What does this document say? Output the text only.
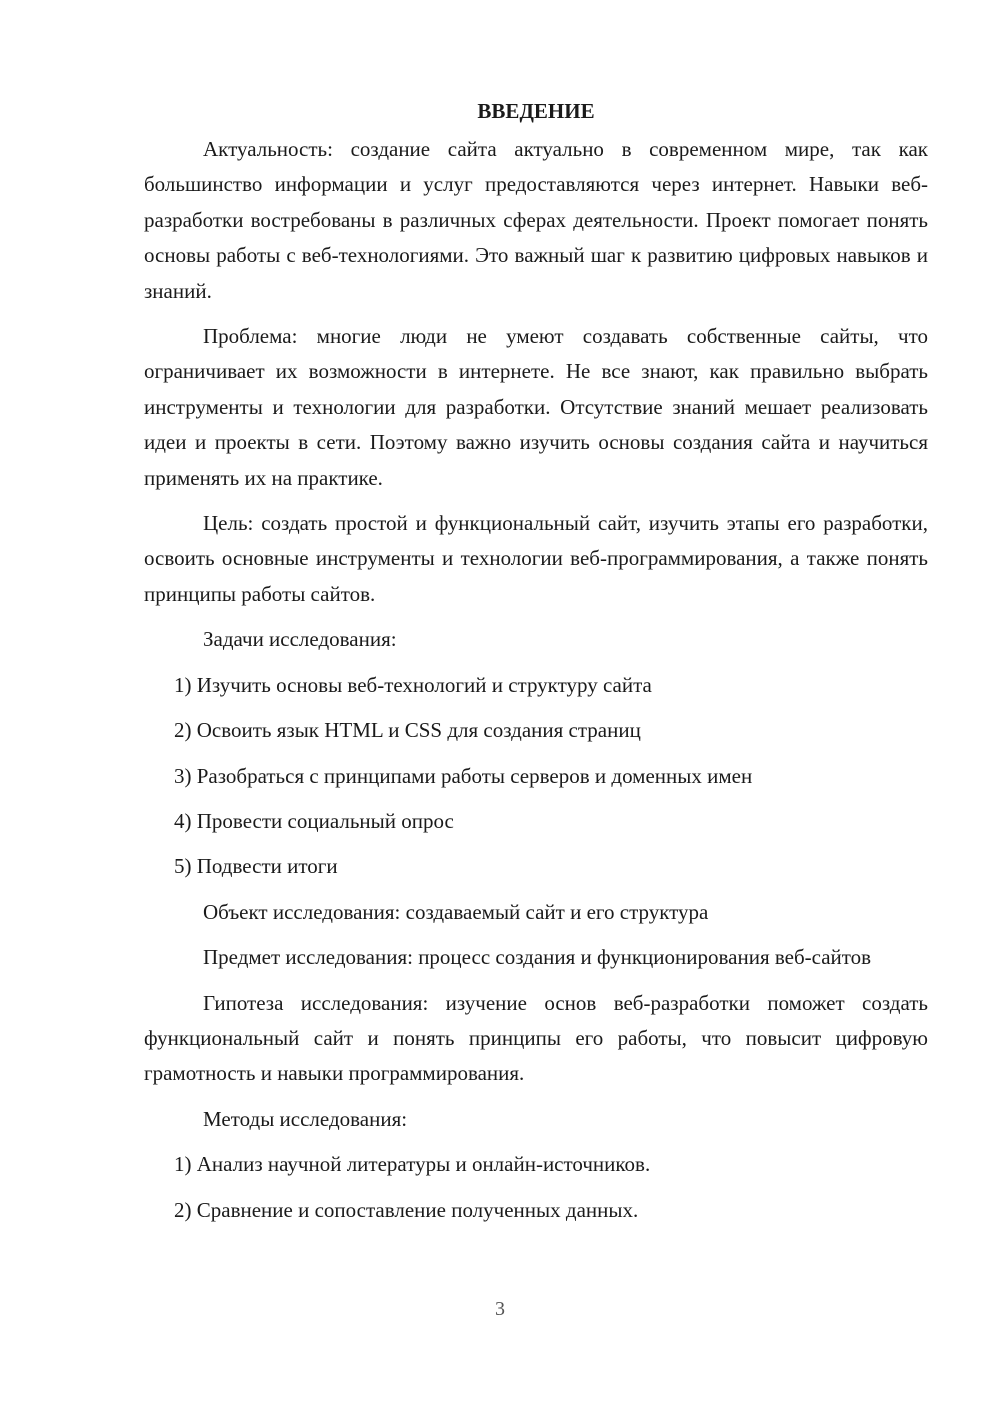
ВВЕДЕНИЕ

Актуальность: создание сайта актуально в современном мире, так как большинство информации и услуг предоставляются через интернет. Навыки веб-разработки востребованы в различных сферах деятельности. Проект помогает понять основы работы с веб-технологиями. Это важный шаг к развитию цифровых навыков и знаний.

Проблема: многие люди не умеют создавать собственные сайты, что ограничивает их возможности в интернете. Не все знают, как правильно выбрать инструменты и технологии для разработки. Отсутствие знаний мешает реализовать идеи и проекты в сети. Поэтому важно изучить основы создания сайта и научиться применять их на практике.

Цель: создать простой и функциональный сайт, изучить этапы его разработки, освоить основные инструменты и технологии веб-программирования, а также понять принципы работы сайтов.

Задачи исследования:

1) Изучить основы веб-технологий и структуру сайта

2) Освоить язык HTML и CSS для создания страниц

3) Разобраться с принципами работы серверов и доменных имен

4) Провести социальный опрос

5) Подвести итоги

Объект исследования: создаваемый сайт и его структура

Предмет исследования: процесс создания и функционирования веб-сайтов

Гипотеза исследования: изучение основ веб-разработки поможет создать функциональный сайт и понять принципы его работы, что повысит цифровую грамотность и навыки программирования.

Методы исследования:

1) Анализ научной литературы и онлайн-источников.

2) Сравнение и сопоставление полученных данных.

3
